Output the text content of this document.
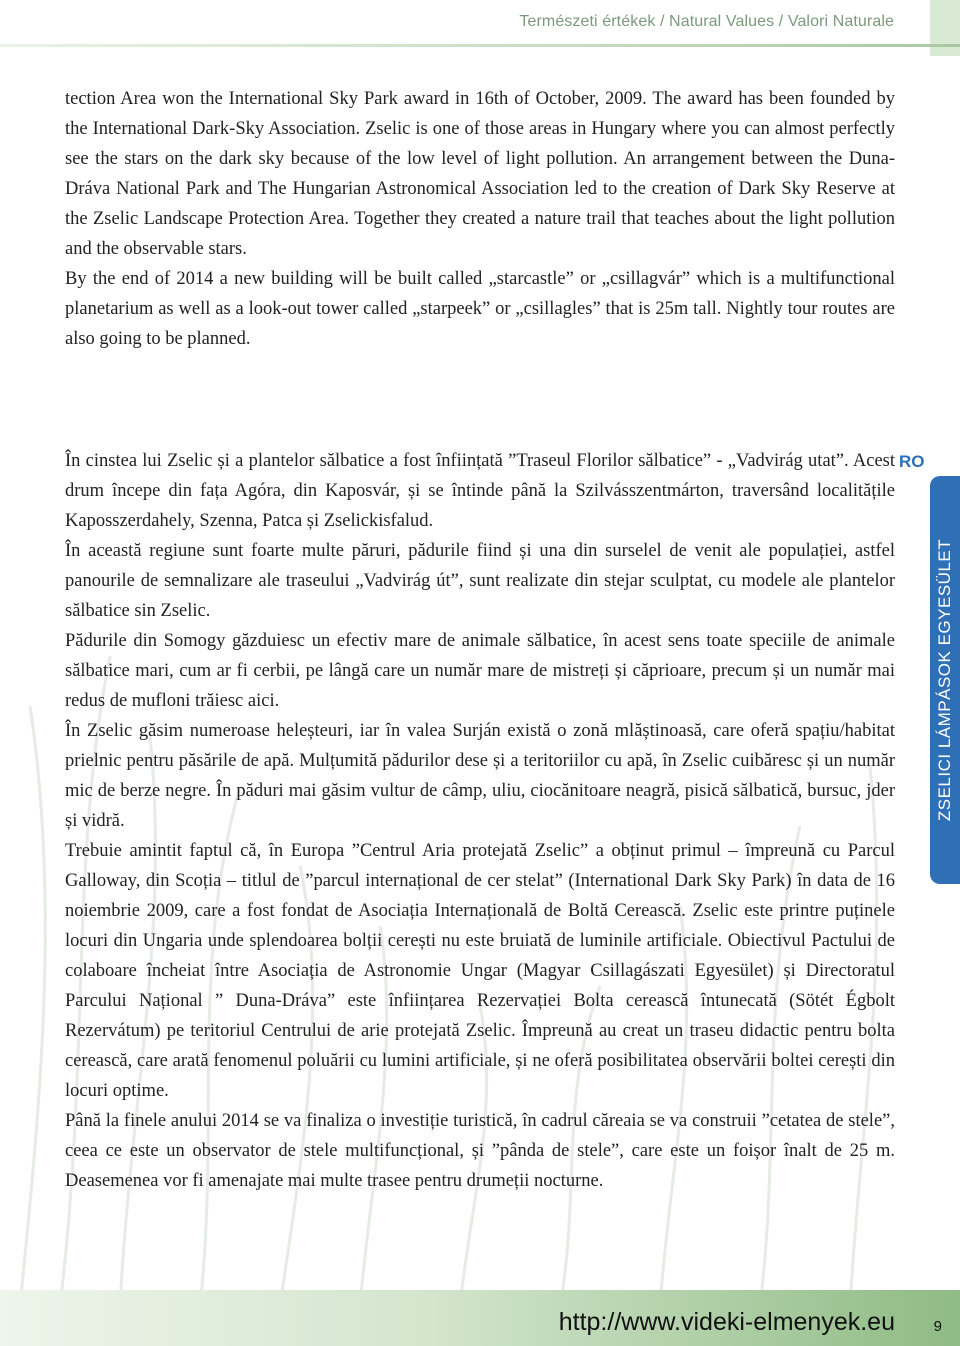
Természeti értékek / Natural Values / Valori Naturale

tection Area won the International Sky Park award in 16th of October, 2009. The award has been founded by the International Dark-Sky Association. Zselic is one of those areas in Hungary where you can almost perfectly see the stars on the dark sky because of the low level of light pollution. An arrangement between the Duna-Dráva National Park and The Hungarian Astronomical Association led to the creation of Dark Sky Reserve at the Zselic Landscape Protection Area. Together they created a nature trail that teaches about the light pollution and the observable stars.

By the end of 2014 a new building will be built called „starcastle” or „csillagvár” which is a multifunctional planetarium as well as a look-out tower called „starpeek” or „csillagles” that is 25m tall. Nightly tour routes are also going to be planned.

RO

În cinstea lui Zselic și a plantelor sălbatice a fost înființată ”Traseul Florilor sălbatice” - „Vadvirág utat”. Acest drum începe din fața Agóra, din Kaposvár, și se întinde până la Szilvásszentmárton, traversând localitățile Kaposszerdahely, Szenna, Patca și Zselickisfalud.

În această regiune sunt foarte multe păruri, pădurile fiind și una din surselel de venit ale populației, astfel panourile de semnalizare ale traseului „Vadvirág út”, sunt realizate din stejar sculptat, cu modele ale plantelor sălbatice sin Zselic.

Pădurile din Somogy găzduiesc un efectiv mare de animale sălbatice, în acest sens toate speciile de animale sălbatice mari, cum ar fi cerbii, pe lângă care un număr mare de mistreți și căprioare, precum și un număr mai redus de mufloni trăiesc aici.

În Zselic găsim numeroase heleșteuri, iar în valea Surján există o zonă mlăștinoasă, care oferă spațiu/habitat prielnic pentru păsările de apă. Mulțumită pădurilor dese și a teritoriilor cu apă, în Zselic cuibăresc și un număr mic de berze negre. În păduri mai găsim vultur de câmp, uliu, ciocănitoare neagră, pisică sălbatică, bursuc, jder și vidră.

Trebuie amintit faptul că, în Europa ”Centrul Aria protejată Zselic” a obținut primul – împreună cu Parcul Galloway, din Scoția – titlul de ”parcul internațional de cer stelat” (International Dark Sky Park) în data de 16 noiembrie 2009, care a fost fondat de Asociația Internațională de Boltă Cerească. Zselic este printre puținele locuri din Ungaria unde splendoarea bolții cerești nu este bruiată de luminile artificiale. Obiectivul Pactului de colaboare încheiat între Asociația de Astronomie Ungar (Magyar Csillagászati Egyesület) și Directoratul Parcului Național ” Duna-Dráva” este înființarea Rezervației Bolta cerească întunecată (Sötét Égbolt Rezervátum) pe teritoriul Centrului de arie protejată Zselic. Împreună au creat un traseu didactic pentru bolta cerească, care arată fenomenul poluării cu lumini artificiale, și ne oferă posibilitatea observării boltei cerești din locuri optime.

Până la finele anului 2014 se va finaliza o investiție turistică, în cadrul căreaia se va construii ”cetatea de stele”, ceea ce este un observator de stele multifuncțional, și ”pânda de stele”, care este un foișor înalt de 25 m. Deasemenea vor fi amenajate mai multe trasee pentru drumeții nocturne.

ZSELICI LÁMPÁSOK EGYESÜLET
http://www.videki-elmenyek.eu	9
